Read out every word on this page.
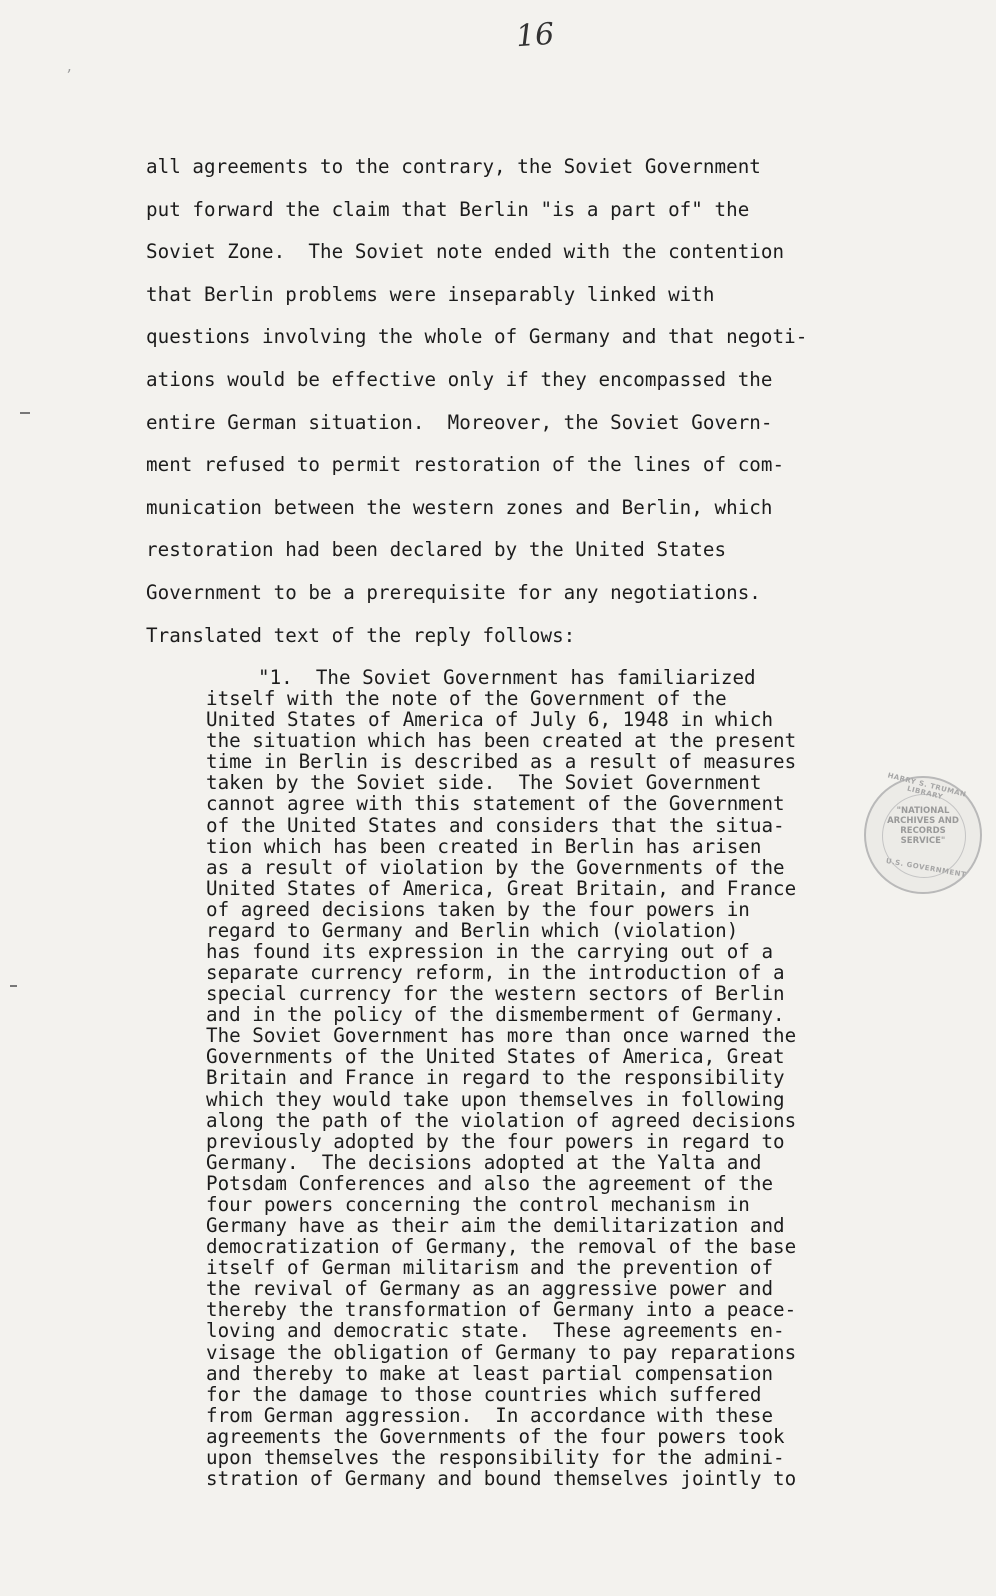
16
ʼ
all agreements to the contrary, the Soviet Government
put forward the claim that Berlin "is a part of" the
Soviet Zone.  The Soviet note ended with the contention
that Berlin problems were inseparably linked with
questions involving the whole of Germany and that negoti-
ations would be effective only if they encompassed the
entire German situation.  Moreover, the Soviet Govern-
ment refused to permit restoration of the lines of com-
munication between the western zones and Berlin, which
restoration had been declared by the United States
Government to be a prerequisite for any negotiations.
Translated text of the reply follows:
"1.  The Soviet Government has familiarized
itself with the note of the Government of the
United States of America of July 6, 1948 in which
the situation which has been created at the present
time in Berlin is described as a result of measures
taken by the Soviet side.  The Soviet Government
cannot agree with this statement of the Government
of the United States and considers that the situa-
tion which has been created in Berlin has arisen
as a result of violation by the Governments of the
United States of America, Great Britain, and France
of agreed decisions taken by the four powers in
regard to Germany and Berlin which (violation)
has found its expression in the carrying out of a
separate currency reform, in the introduction of a
special currency for the western sectors of Berlin
and in the policy of the dismemberment of Germany.
The Soviet Government has more than once warned the
Governments of the United States of America, Great
Britain and France in regard to the responsibility
which they would take upon themselves in following
along the path of the violation of agreed decisions
previously adopted by the four powers in regard to
Germany.  The decisions adopted at the Yalta and
Potsdam Conferences and also the agreement of the
four powers concerning the control mechanism in
Germany have as their aim the demilitarization and
democratization of Germany, the removal of the base
itself of German militarism and the prevention of
the revival of Germany as an aggressive power and
thereby the transformation of Germany into a peace-
loving and democratic state.  These agreements en-
visage the obligation of Germany to pay reparations
and thereby to make at least partial compensation
for the damage to those countries which suffered
from German aggression.  In accordance with these
agreements the Governments of the four powers took
upon themselves the responsibility for the admini-
stration of Germany and bound themselves jointly to
HARRY S. TRUMAN LIBRARY
"NATIONAL
ARCHIVES AND
RECORDS
SERVICE"
U.S. GOVERNMENT
